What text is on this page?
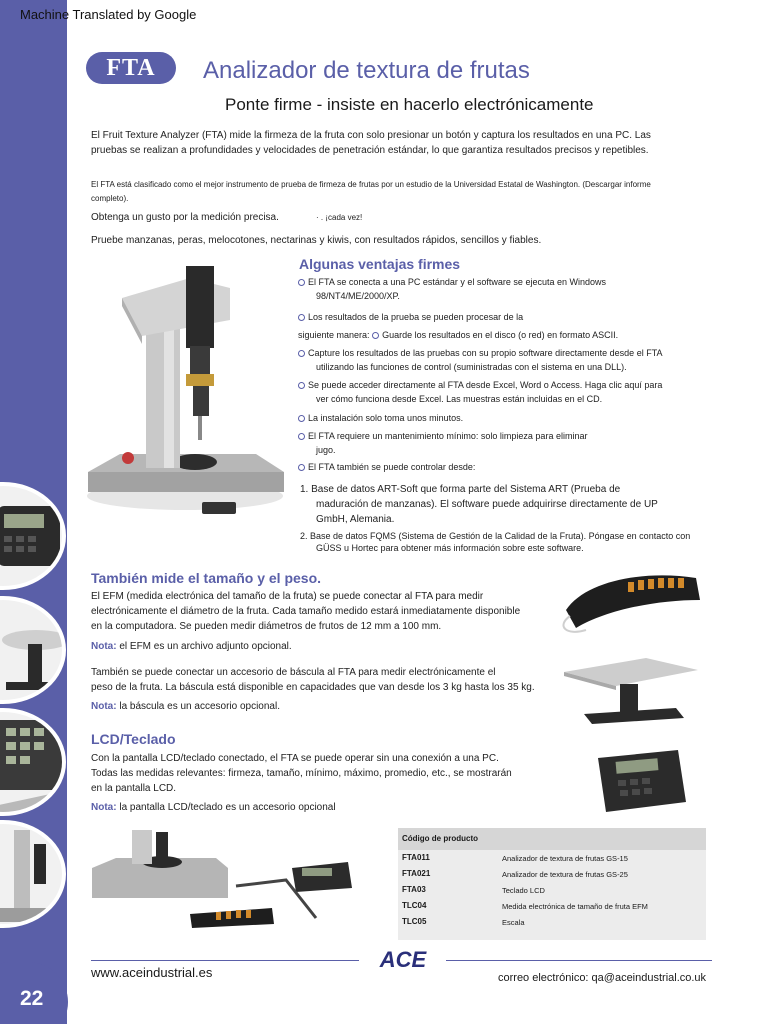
22
Machine Translated by Google
FTA Analizador de textura de frutas
Ponte firme - insiste en hacerlo electrónicamente
El Fruit Texture Analyzer (FTA) mide la firmeza de la fruta con solo presionar un botón y captura los resultados en una PC. Las
pruebas se realizan a profundidades y velocidades de penetración estándar, lo que garantiza resultados precisos y repetibles.
El FTA está clasificado como el mejor instrumento de prueba de firmeza de frutas por un estudio de la Universidad Estatal de Washington. (Descargar informe
completo).
Obtenga un gusto por la medición precisa.	· . ¡cada vez!
Pruebe manzanas, peras, melocotones, nectarinas y kiwis, con resultados rápidos, sencillos y fiables.
Algunas ventajas firmes
El FTA se conecta a una PC estándar y el software se ejecuta en Windows
98/NT4/ME/2000/XP.
Los resultados de la prueba se pueden procesar de la
siguiente manera: Guarde los resultados en el disco (o red) en formato ASCII.
Capture los resultados de las pruebas con su propio software directamente desde el FTA
utilizando las funciones de control (suministradas con el sistema en una DLL).
Se puede acceder directamente al FTA desde Excel, Word o Access. Haga clic aquí para
ver cómo funciona desde Excel. Las muestras están incluidas en el CD.
La instalación solo toma unos minutos.
El FTA requiere un mantenimiento mínimo: solo limpieza para eliminar
jugo.
El FTA también se puede controlar desde:
1. Base de datos ART-Soft que forma parte del Sistema ART (Prueba de
maduración de manzanas). El software puede adquirirse directamente de UP
GmbH, Alemania.
2. Base de datos FQMS (Sistema de Gestión de la Calidad de la Fruta). Póngase en contacto con
GÜSS u Hortec para obtener más información sobre este software.
También mide el tamaño y el peso.
El EFM (medida electrónica del tamaño de la fruta) se puede conectar al FTA para medir
electrónicamente el diámetro de la fruta. Cada tamaño medido estará inmediatamente disponible
en la computadora. Se pueden medir diámetros de frutos de 12 mm a 100 mm.
Nota: el EFM es un archivo adjunto opcional.
También se puede conectar un accesorio de báscula al FTA para medir electrónicamente el
peso de la fruta. La báscula está disponible en capacidades que van desde los 3 kg hasta los 35 kg.
Nota: la báscula es un accesorio opcional.
LCD/Teclado
Con la pantalla LCD/teclado conectado, el FTA se puede operar sin una conexión a una PC.
Todas las medidas relevantes: firmeza, tamaño, mínimo, máximo, promedio, etc., se mostrarán
en la pantalla LCD.
Nota: la pantalla LCD/teclado es un accesorio opcional
Código de producto
FTA011	Analizador de textura de frutas GS-15
FTA021	Analizador de textura de frutas GS-25
FTA03	Teclado LCD
TLC04	Medida electrónica de tamaño de fruta EFM
TLC05	Escala
ACE
www.aceindustrial.es	correo electrónico: qa@aceindustrial.co.uk
